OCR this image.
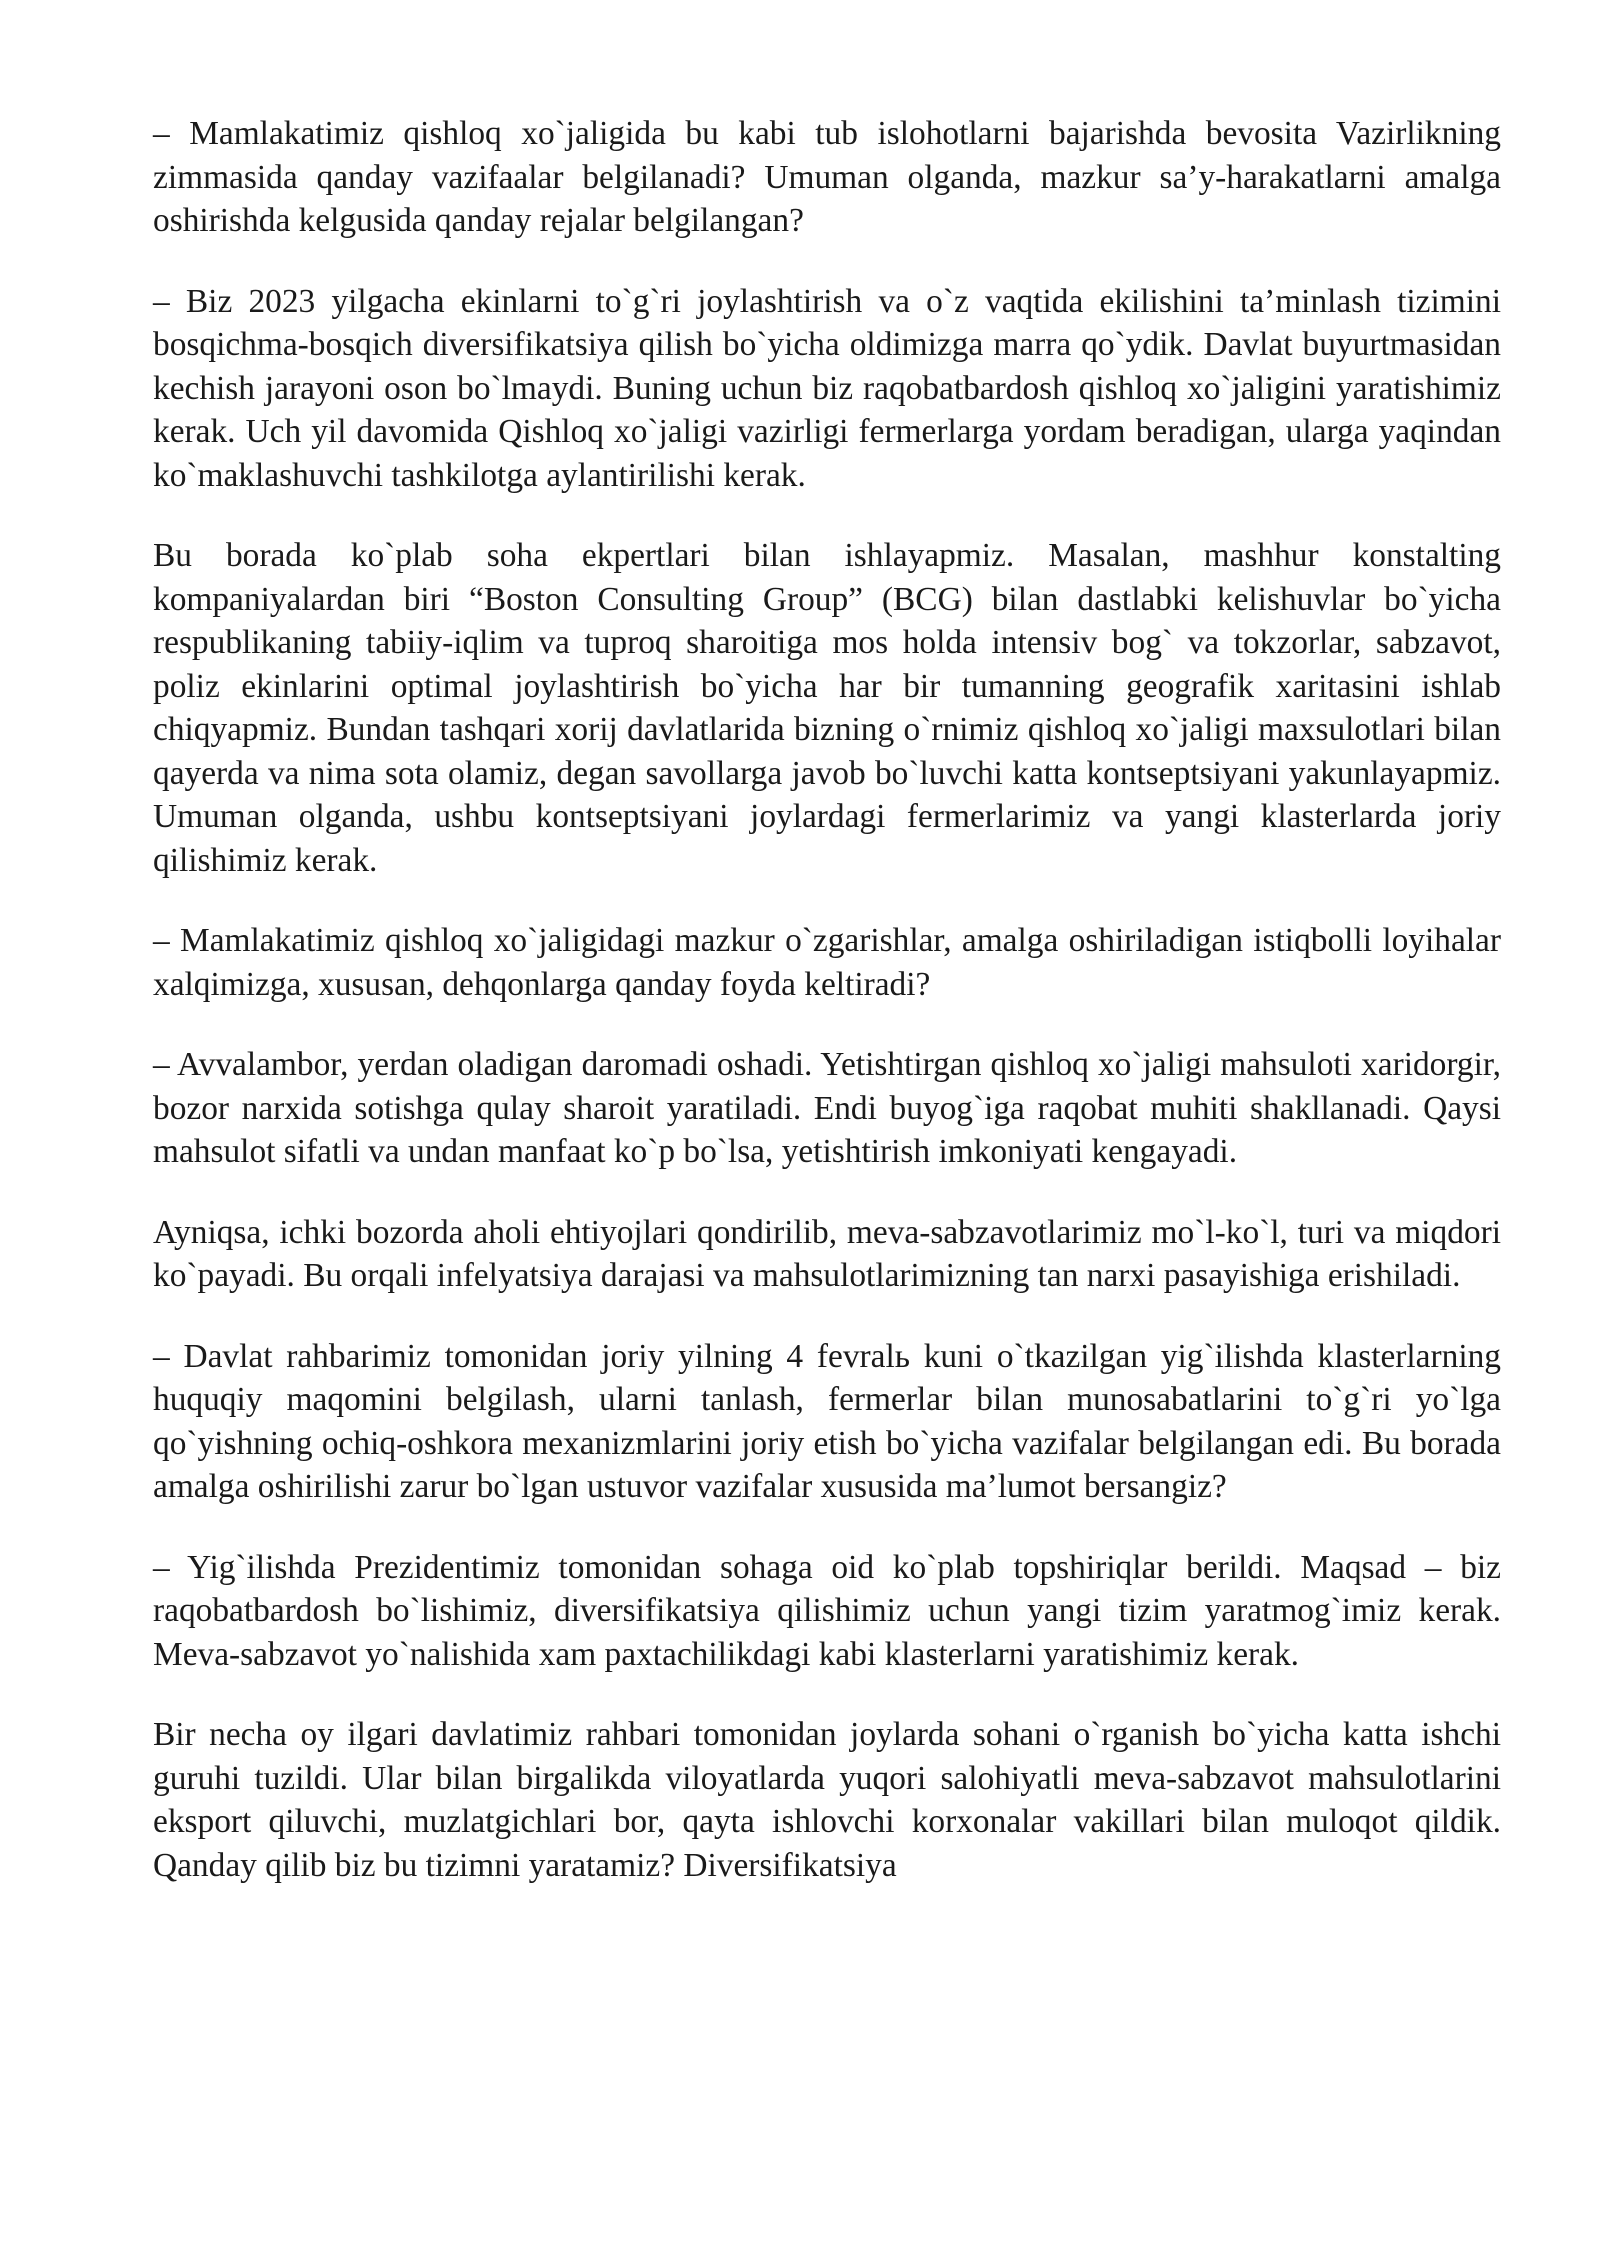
– Mamlakatimiz qishloq xo`jaligida bu kabi tub islohotlarni bajarishda bevosita Vazirlikning zimmasida qanday vazifaalar belgilanadi? Umuman olganda, mazkur sa’y-harakatlarni amalga oshirishda kelgusida qanday rejalar belgilangan?

– Biz 2023 yilgacha ekinlarni to`g`ri joylashtirish va o`z vaqtida ekilishini ta’minlash tizimini bosqichma-bosqich diversifikatsiya qilish bo`yicha oldimizga marra qo`ydik. Davlat buyurtmasidan kechish jarayoni oson bo`lmaydi. Buning uchun biz raqobatbardosh qishloq xo`jaligini yaratishimiz kerak. Uch yil davomida Qishloq xo`jaligi vazirligi fermerlarga yordam beradigan, ularga yaqindan ko`maklashuvchi tashkilotga aylantirilishi kerak.

Bu borada ko`plab soha ekpertlari bilan ishlayapmiz. Masalan, mashhur konstalting kompaniyalardan biri “Boston Consulting Group” (BCG) bilan dastlabki kelishuvlar bo`yicha respublikaning tabiiy-iqlim va tuproq sharoitiga mos holda intensiv bog` va tokzorlar, sabzavot, poliz ekinlarini optimal joylashtirish bo`yicha har bir tumanning geografik xaritasini ishlab chiqyapmiz. Bundan tashqari xorij davlatlarida bizning o`rnimiz qishloq xo`jaligi maxsulotlari bilan qayerda va nima sota olamiz, degan savollarga javob bo`luvchi katta kontseptsiyani yakunlayapmiz. Umuman olganda, ushbu kontseptsiyani joylardagi fermerlarimiz va yangi klasterlarda joriy qilishimiz kerak.

– Mamlakatimiz qishloq xo`jaligidagi mazkur o`zgarishlar, amalga oshiriladigan istiqbolli loyihalar xalqimizga, xususan, dehqonlarga qanday foyda keltiradi?

– Avvalambor, yerdan oladigan daromadi oshadi. Yetishtirgan qishloq xo`jaligi mahsuloti xaridorgir, bozor narxida sotishga qulay sharoit yaratiladi. Endi buyog`iga raqobat muhiti shakllanadi. Qaysi mahsulot sifatli va undan manfaat ko`p bo`lsa, yetishtirish imkoniyati kengayadi.

Ayniqsa, ichki bozorda aholi ehtiyojlari qondirilib, meva-sabzavotlarimiz mo`l-ko`l, turi va miqdori ko`payadi. Bu orqali infelyatsiya darajasi va mahsulotlarimizning tan narxi pasayishiga erishiladi.

– Davlat rahbarimiz tomonidan joriy yilning 4 fevralь kuni o`tkazilgan yig`ilishda klasterlarning huquqiy maqomini belgilash, ularni tanlash, fermerlar bilan munosabatlarini to`g`ri yo`lga qo`yishning ochiq-oshkora mexanizmlarini joriy etish bo`yicha vazifalar belgilangan edi. Bu borada amalga oshirilishi zarur bo`lgan ustuvor vazifalar xususida ma’lumot bersangiz?

– Yig`ilishda Prezidentimiz tomonidan sohaga oid ko`plab topshiriqlar berildi. Maqsad – biz raqobatbardosh bo`lishimiz, diversifikatsiya qilishimiz uchun yangi tizim yaratmog`imiz kerak. Meva-sabzavot yo`nalishida xam paxtachilikdagi kabi klasterlarni yaratishimiz kerak.

Bir necha oy ilgari davlatimiz rahbari tomonidan joylarda sohani o`rganish bo`yicha katta ishchi guruhi tuzildi. Ular bilan birgalikda viloyatlarda yuqori salohiyatli meva-sabzavot mahsulotlarini eksport qiluvchi, muzlatgichlari bor, qayta ishlovchi korxonalar vakillari bilan muloqot qildik. Qanday qilib biz bu tizimni yaratamiz? Diversifikatsiya
